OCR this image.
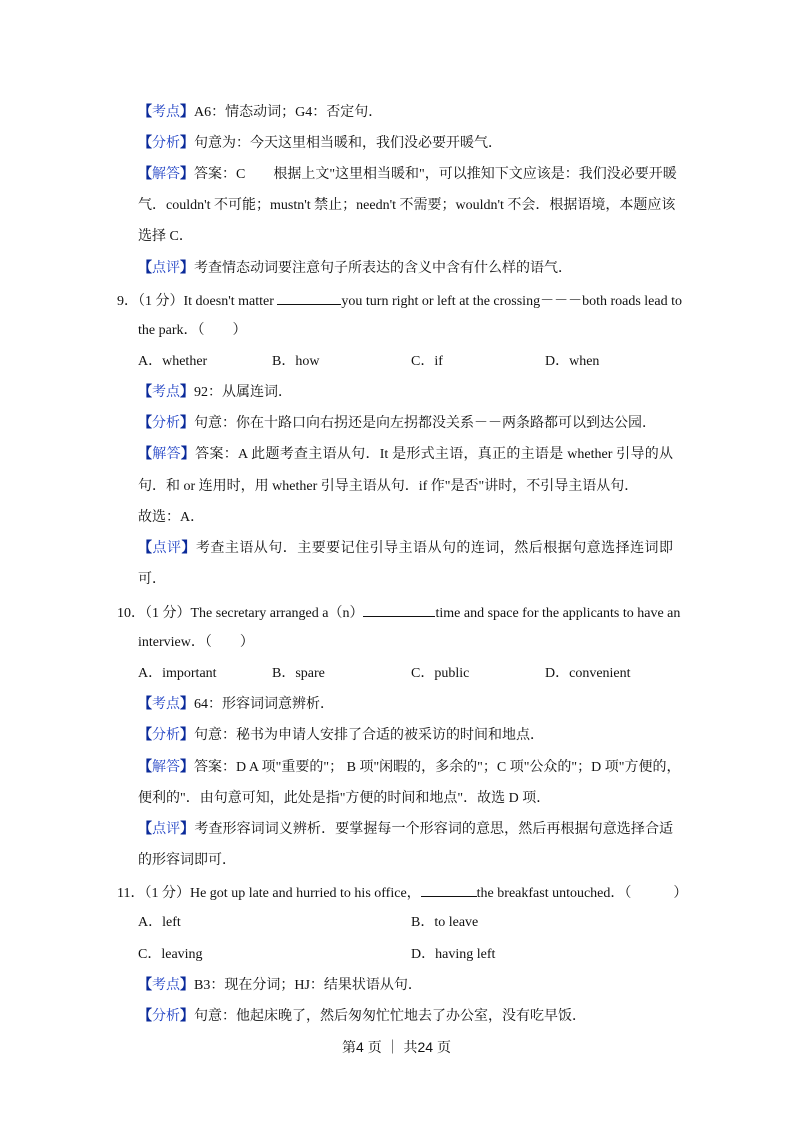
【考点】A6：情态动词；G4：否定句．
【分析】句意为：今天这里相当暖和，我们没必要开暖气．
【解答】答案：C　　根据上文"这里相当暖和"，可以推知下文应该是：我们没必要开暖
气．couldn't 不可能；mustn't 禁止；needn't 不需要；wouldn't 不会．根据语境，本题应该
选择 C．
【点评】考查情态动词要注意句子所表达的含义中含有什么样的语气．
9．（1 分）It doesn't matter	you turn right or left at the crossing－－－both roads lead to
the park．（　　）
A．whether	B．how	C．if	D．when
【考点】92：从属连词．
【分析】句意：你在十路口向右拐还是向左拐都没关系－－两条路都可以到达公园．
【解答】答案：A 此题考查主语从句．It 是形式主语，真正的主语是 whether 引导的从
句．和 or 连用时，用 whether 引导主语从句．if 作"是否"讲时，不引导主语从句．
故选：A．
【点评】考查主语从句．主要要记住引导主语从句的连词，然后根据句意选择连词即
可．
10．（1 分）The secretary arranged a（n）	time and space for the applicants to have an
interview．（　　）
A．important	B．spare	C．public	D．convenient
【考点】64：形容词词意辨析．
【分析】句意：秘书为申请人安排了合适的被采访的时间和地点．
【解答】答案：D A 项"重要的"； B 项"闲暇的，多余的"；C 项"公众的"；D 项"方便的，
便利的"．由句意可知，此处是指"方便的时间和地点"．故选 D 项．
【点评】考查形容词词义辨析．要掌握每一个形容词的意思，然后再根据句意选择合适
的形容词即可．
11．（1 分）He got up late and hurried to his office，	the breakfast untouched．（　　　）
A．left	B．to leave
C．leaving	D．having left
【考点】B3：现在分词；HJ：结果状语从句．
【分析】句意：他起床晚了，然后匆匆忙忙地去了办公室，没有吃早饭．
第4 页 ｜ 共24 页
